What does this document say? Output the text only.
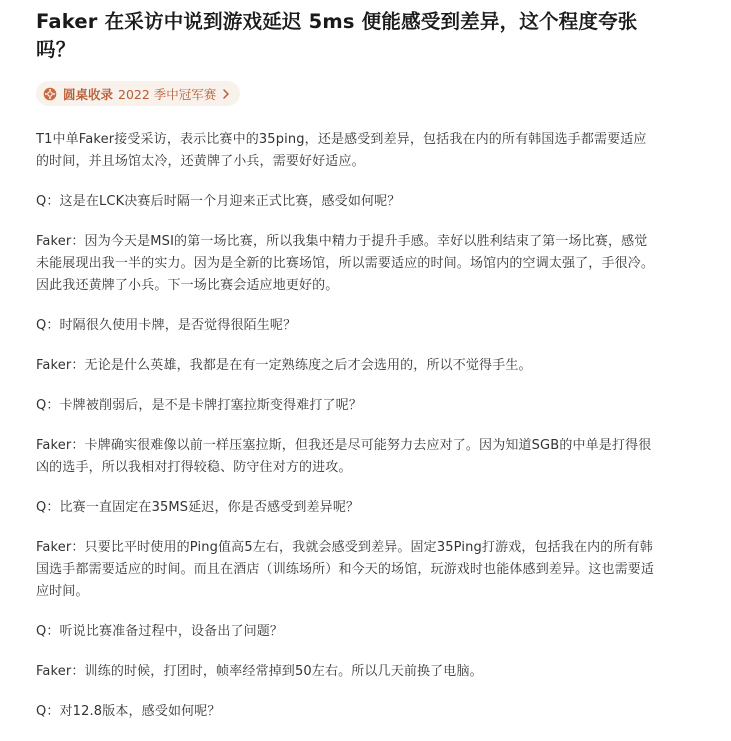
Faker 在采访中说到游戏延迟 5ms 便能感受到差异，这个程度夸张吗？
圆桌收录 2022 季中冠军赛

T1中单Faker接受采访，表示比赛中的35ping，还是感受到差异，包括我在内的所有韩国选手都需要适应的时间，并且场馆太冷，还黄牌了小兵，需要好好适应。

Q：这是在LCK决赛后时隔一个月迎来正式比赛，感受如何呢？

Faker：因为今天是MSI的第一场比赛，所以我集中精力于提升手感。幸好以胜利结束了第一场比赛，感觉未能展现出我一半的实力。因为是全新的比赛场馆，所以需要适应的时间。场馆内的空调太强了，手很冷。因此我还黄牌了小兵。下一场比赛会适应地更好的。

Q：时隔很久使用卡牌，是否觉得很陌生呢？

Faker：无论是什么英雄，我都是在有一定熟练度之后才会选用的，所以不觉得手生。

Q：卡牌被削弱后，是不是卡牌打塞拉斯变得难打了呢？

Faker：卡牌确实很难像以前一样压塞拉斯，但我还是尽可能努力去应对了。因为知道SGB的中单是打得很凶的选手，所以我相对打得较稳、防守住对方的进攻。

Q：比赛一直固定在35MS延迟，你是否感受到差异呢？

Faker：只要比平时使用的Ping值高5左右，我就会感受到差异。固定35Ping打游戏，包括我在内的所有韩国选手都需要适应的时间。而且在酒店（训练场所）和今天的场馆，玩游戏时也能体感到差异。这也需要适应时间。

Q：听说比赛准备过程中，设备出了问题？

Faker：训练的时候，打团时，帧率经常掉到50左右。所以几天前换了电脑。

Q：对12.8版本，感受如何呢？
